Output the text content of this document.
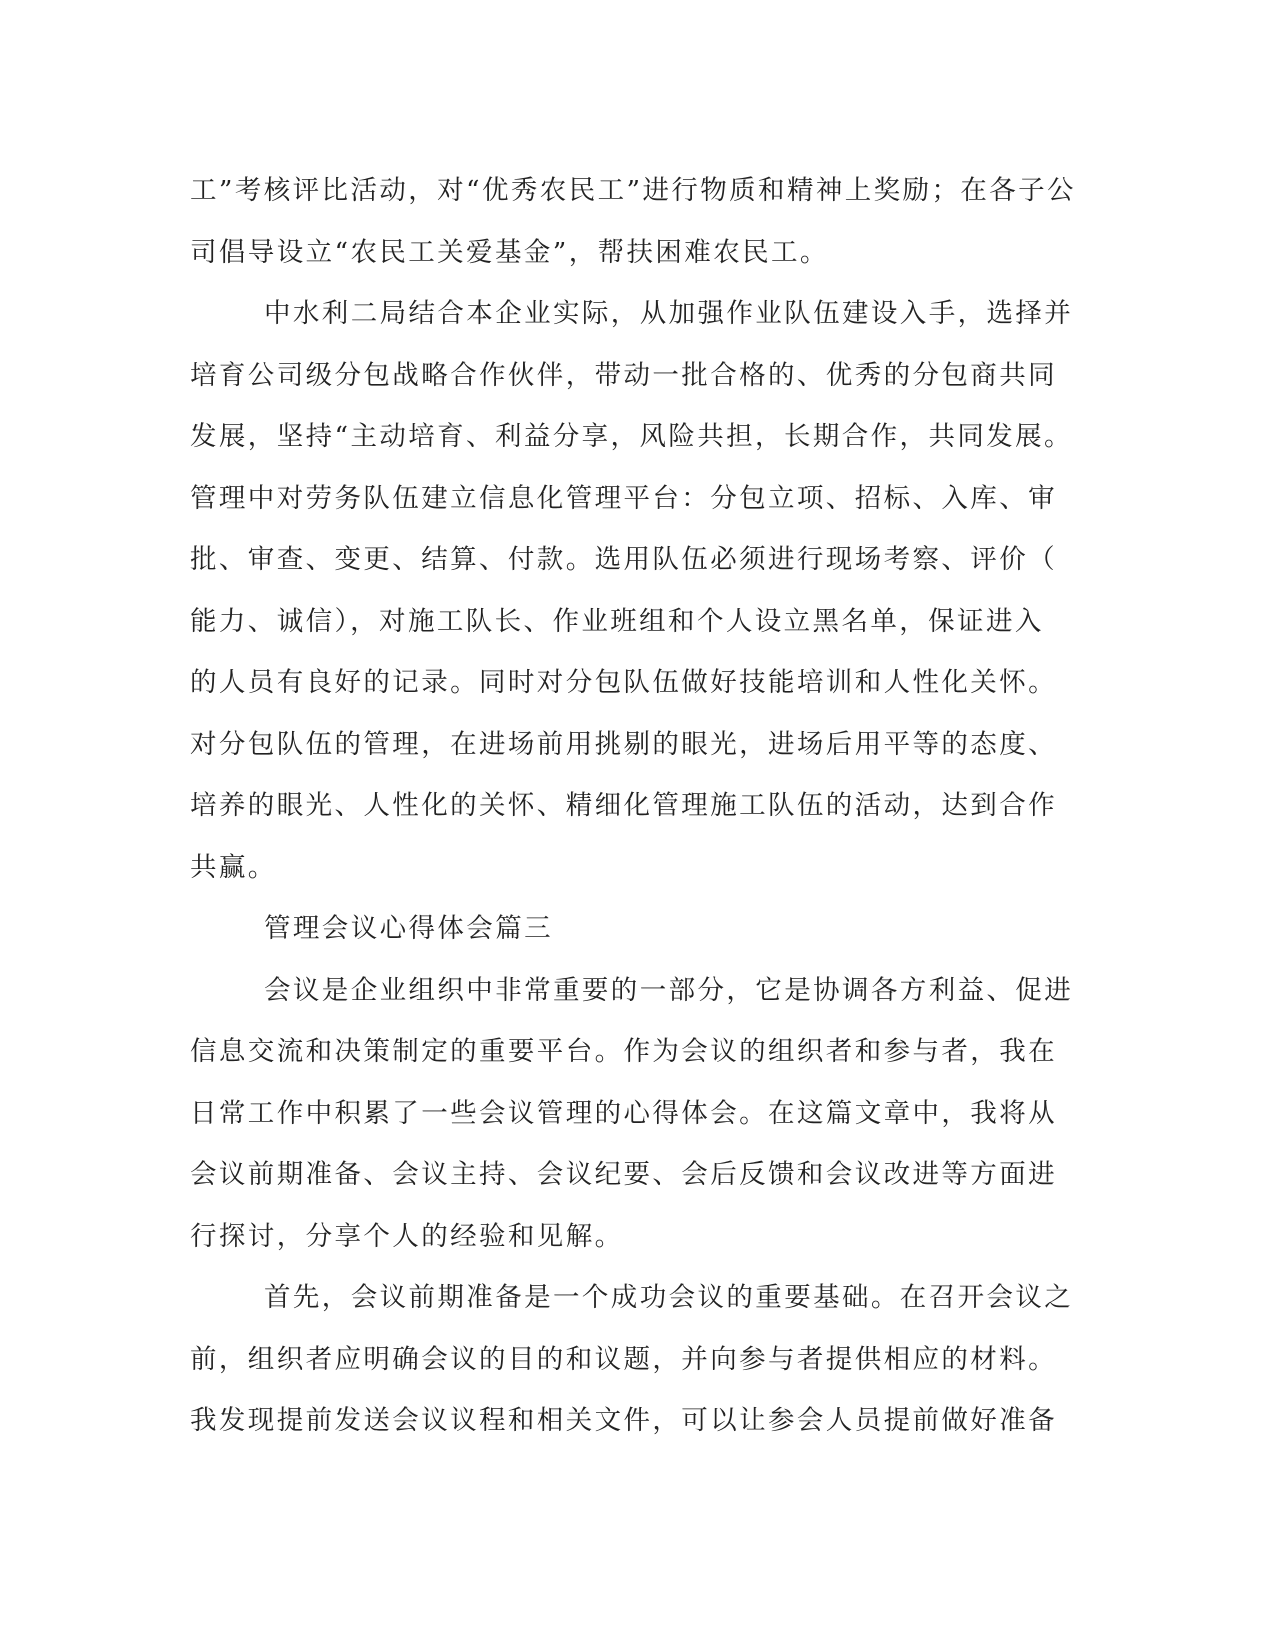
工”考核评比活动，对“优秀农民工”进行物质和精神上奖励；在各子公
司倡导设立“农民工关爱基金”，帮扶困难农民工。
中水利二局结合本企业实际，从加强作业队伍建设入手，选择并
培育公司级分包战略合作伙伴，带动一批合格的、优秀的分包商共同
发展，坚持“主动培育、利益分享，风险共担，长期合作，共同发展。
管理中对劳务队伍建立信息化管理平台：分包立项、招标、入库、审
批、审查、变更、结算、付款。选用队伍必须进行现场考察、评价（
能力、诚信），对施工队长、作业班组和个人设立黑名单，保证进入
的人员有良好的记录。同时对分包队伍做好技能培训和人性化关怀。
对分包队伍的管理，在进场前用挑剔的眼光，进场后用平等的态度、
培养的眼光、人性化的关怀、精细化管理施工队伍的活动，达到合作
共赢。
管理会议心得体会篇三
会议是企业组织中非常重要的一部分，它是协调各方利益、促进
信息交流和决策制定的重要平台。作为会议的组织者和参与者，我在
日常工作中积累了一些会议管理的心得体会。在这篇文章中，我将从
会议前期准备、会议主持、会议纪要、会后反馈和会议改进等方面进
行探讨，分享个人的经验和见解。
首先，会议前期准备是一个成功会议的重要基础。在召开会议之
前，组织者应明确会议的目的和议题，并向参与者提供相应的材料。
我发现提前发送会议议程和相关文件，可以让参会人员提前做好准备
